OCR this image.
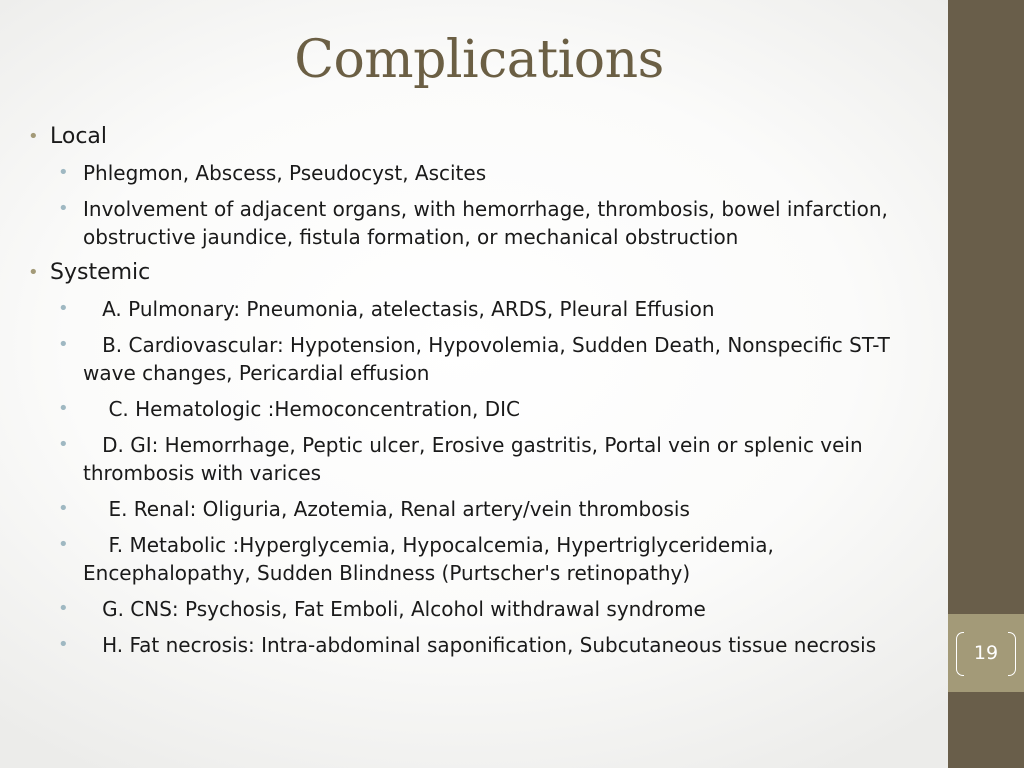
Complications
• Local
• Phlegmon, Abscess, Pseudocyst, Ascites
• Involvement of adjacent organs, with hemorrhage, thrombosis, bowel infarction, obstructive jaundice, fistula formation, or mechanical obstruction
• Systemic
• A. Pulmonary: Pneumonia, atelectasis, ARDS, Pleural Effusion
• B. Cardiovascular: Hypotension, Hypovolemia, Sudden Death, Nonspecific ST-T wave changes, Pericardial effusion
• C. Hematologic :Hemoconcentration, DIC
• D. GI: Hemorrhage, Peptic ulcer, Erosive gastritis, Portal vein or splenic vein thrombosis with varices
• E. Renal: Oliguria, Azotemia, Renal artery/vein thrombosis
• F. Metabolic :Hyperglycemia, Hypocalcemia, Hypertriglyceridemia, Encephalopathy, Sudden Blindness (Purtscher's retinopathy)
• G. CNS: Psychosis, Fat Emboli, Alcohol withdrawal syndrome
• H. Fat necrosis: Intra-abdominal saponification, Subcutaneous tissue necrosis	19
